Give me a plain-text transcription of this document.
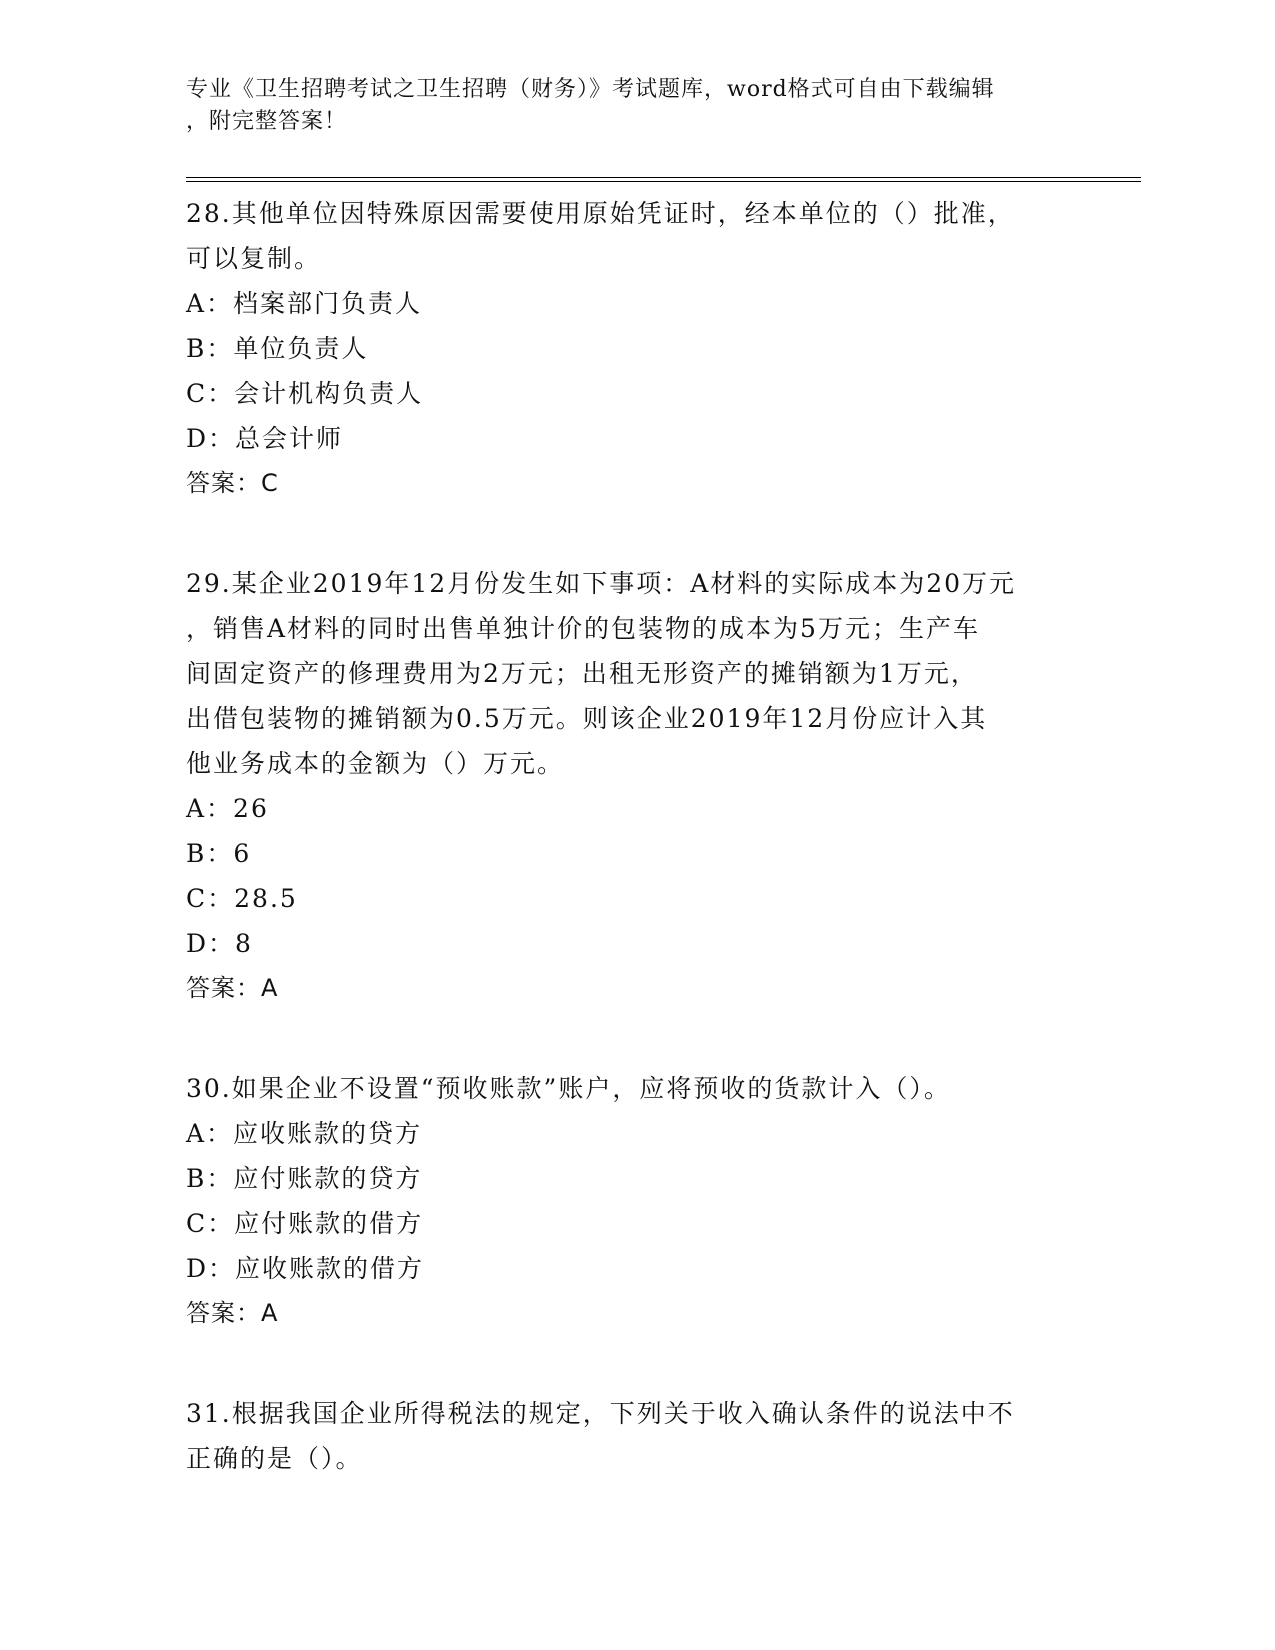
专业《卫生招聘考试之卫生招聘（财务）》考试题库，word格式可自由下载编辑
，附完整答案！
28.其他单位因特殊原因需要使用原始凭证时，经本单位的（）批准，
可以复制。
A：档案部门负责人
B：单位负责人
C：会计机构负责人
D：总会计师
答案：C
29.某企业2019年12月份发生如下事项：A材料的实际成本为20万元
，销售A材料的同时出售单独计价的包装物的成本为5万元；生产车
间固定资产的修理费用为2万元；出租无形资产的摊销额为1万元，
出借包装物的摊销额为0.5万元。则该企业2019年12月份应计入其
他业务成本的金额为（）万元。
A：26
B：6
C：28.5
D：8
答案：A
30.如果企业不设置“预收账款”账户，应将预收的货款计入（）。
A：应收账款的贷方
B：应付账款的贷方
C：应付账款的借方
D：应收账款的借方
答案：A
31.根据我国企业所得税法的规定，下列关于收入确认条件的说法中不
正确的是（）。
